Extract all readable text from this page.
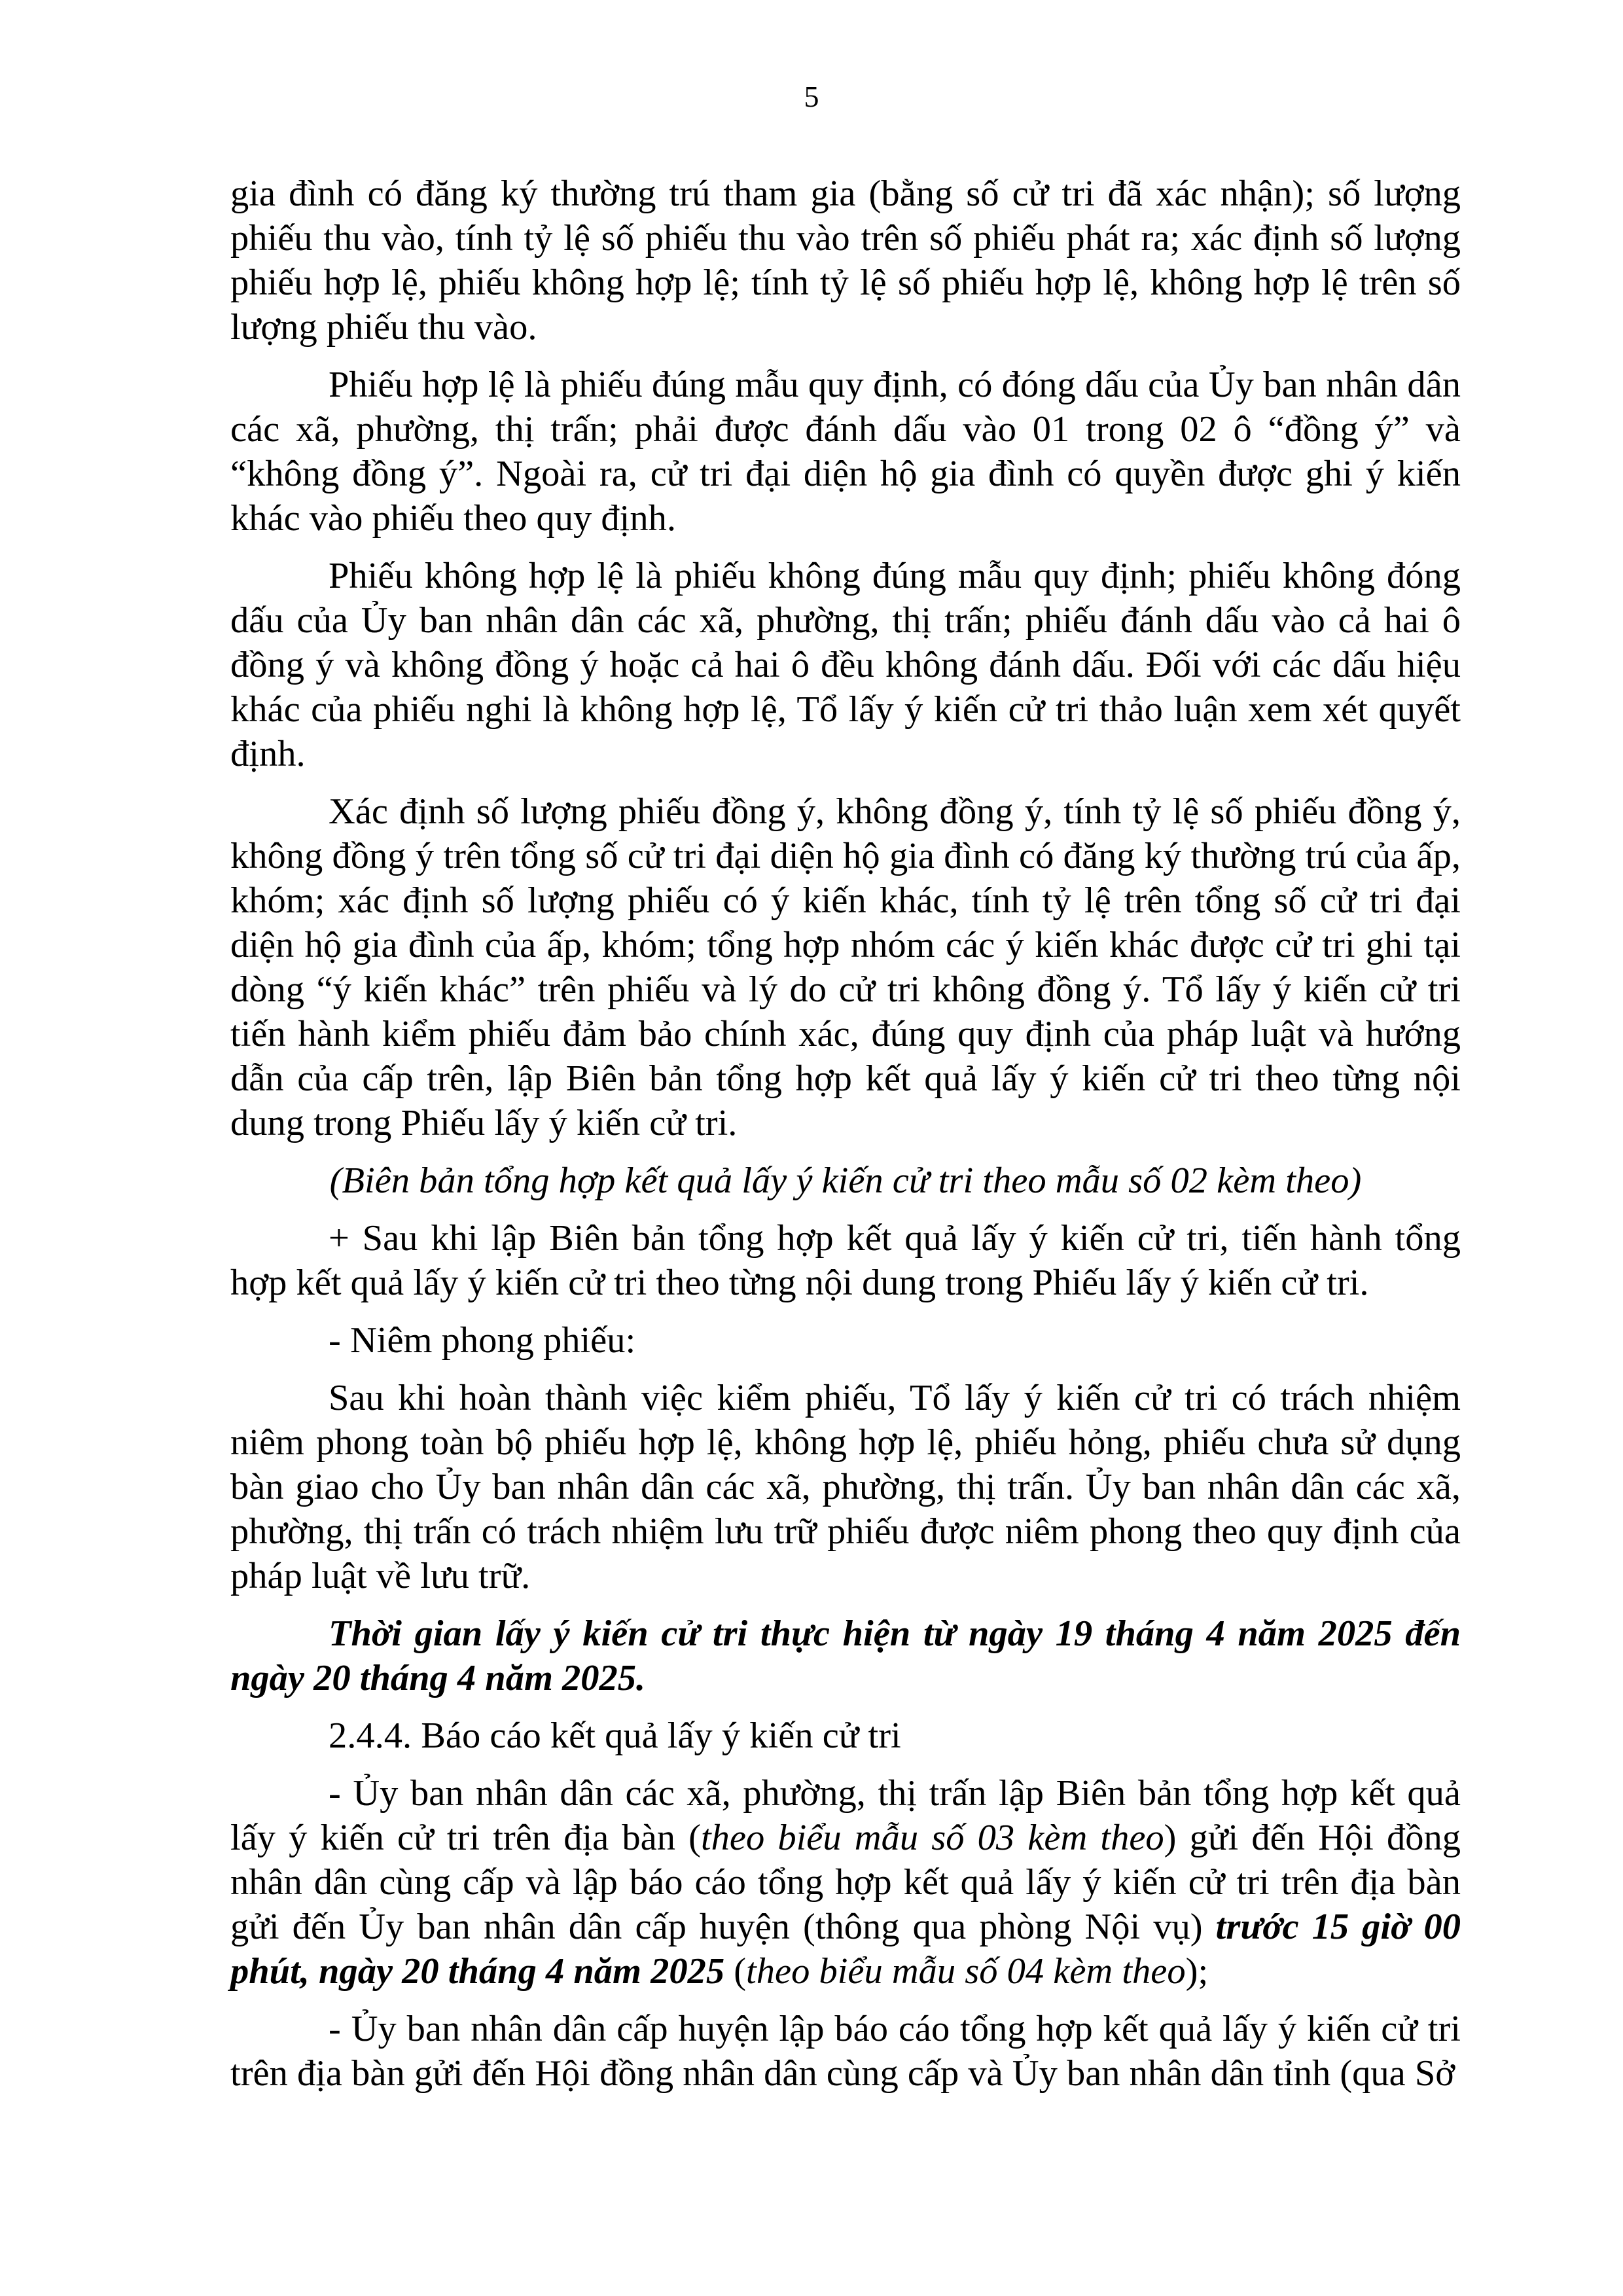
5

gia đình có đăng ký thường trú tham gia (bằng số cử tri đã xác nhận); số lượng phiếu thu vào, tính tỷ lệ số phiếu thu vào trên số phiếu phát ra; xác định số lượng phiếu hợp lệ, phiếu không hợp lệ; tính tỷ lệ số phiếu hợp lệ, không hợp lệ trên số lượng phiếu thu vào.

Phiếu hợp lệ là phiếu đúng mẫu quy định, có đóng dấu của Ủy ban nhân dân các xã, phường, thị trấn; phải được đánh dấu vào 01 trong 02 ô “đồng ý” và “không đồng ý”. Ngoài ra, cử tri đại diện hộ gia đình có quyền được ghi ý kiến khác vào phiếu theo quy định.

Phiếu không hợp lệ là phiếu không đúng mẫu quy định; phiếu không đóng dấu của Ủy ban nhân dân các xã, phường, thị trấn; phiếu đánh dấu vào cả hai ô đồng ý và không đồng ý hoặc cả hai ô đều không đánh dấu. Đối với các dấu hiệu khác của phiếu nghi là không hợp lệ, Tổ lấy ý kiến cử tri thảo luận xem xét quyết định.

Xác định số lượng phiếu đồng ý, không đồng ý, tính tỷ lệ số phiếu đồng ý, không đồng ý trên tổng số cử tri đại diện hộ gia đình có đăng ký thường trú của ấp, khóm; xác định số lượng phiếu có ý kiến khác, tính tỷ lệ trên tổng số cử tri đại diện hộ gia đình của ấp, khóm; tổng hợp nhóm các ý kiến khác được cử tri ghi tại dòng “ý kiến khác” trên phiếu và lý do cử tri không đồng ý. Tổ lấy ý kiến cử tri tiến hành kiểm phiếu đảm bảo chính xác, đúng quy định của pháp luật và hướng dẫn của cấp trên, lập Biên bản tổng hợp kết quả lấy ý kiến cử tri theo từng nội dung trong Phiếu lấy ý kiến cử tri.

(Biên bản tổng hợp kết quả lấy ý kiến cử tri theo mẫu số 02 kèm theo)

+ Sau khi lập Biên bản tổng hợp kết quả lấy ý kiến cử tri, tiến hành tổng hợp kết quả lấy ý kiến cử tri theo từng nội dung trong Phiếu lấy ý kiến cử tri.

- Niêm phong phiếu:

Sau khi hoàn thành việc kiểm phiếu, Tổ lấy ý kiến cử tri có trách nhiệm niêm phong toàn bộ phiếu hợp lệ, không hợp lệ, phiếu hỏng, phiếu chưa sử dụng bàn giao cho Ủy ban nhân dân các xã, phường, thị trấn. Ủy ban nhân dân các xã, phường, thị trấn có trách nhiệm lưu trữ phiếu được niêm phong theo quy định của pháp luật về lưu trữ.

Thời gian lấy ý kiến cử tri thực hiện từ ngày 19 tháng 4 năm 2025 đến ngày 20 tháng 4 năm 2025.

2.4.4. Báo cáo kết quả lấy ý kiến cử tri

- Ủy ban nhân dân các xã, phường, thị trấn lập Biên bản tổng hợp kết quả lấy ý kiến cử tri trên địa bàn (theo biểu mẫu số 03 kèm theo) gửi đến Hội đồng nhân dân cùng cấp và lập báo cáo tổng hợp kết quả lấy ý kiến cử tri trên địa bàn gửi đến Ủy ban nhân dân cấp huyện (thông qua phòng Nội vụ) trước 15 giờ 00 phút, ngày 20 tháng 4 năm 2025 (theo biểu mẫu số 04 kèm theo);

- Ủy ban nhân dân cấp huyện lập báo cáo tổng hợp kết quả lấy ý kiến cử tri trên địa bàn gửi đến Hội đồng nhân dân cùng cấp và Ủy ban nhân dân tỉnh (qua Sở
